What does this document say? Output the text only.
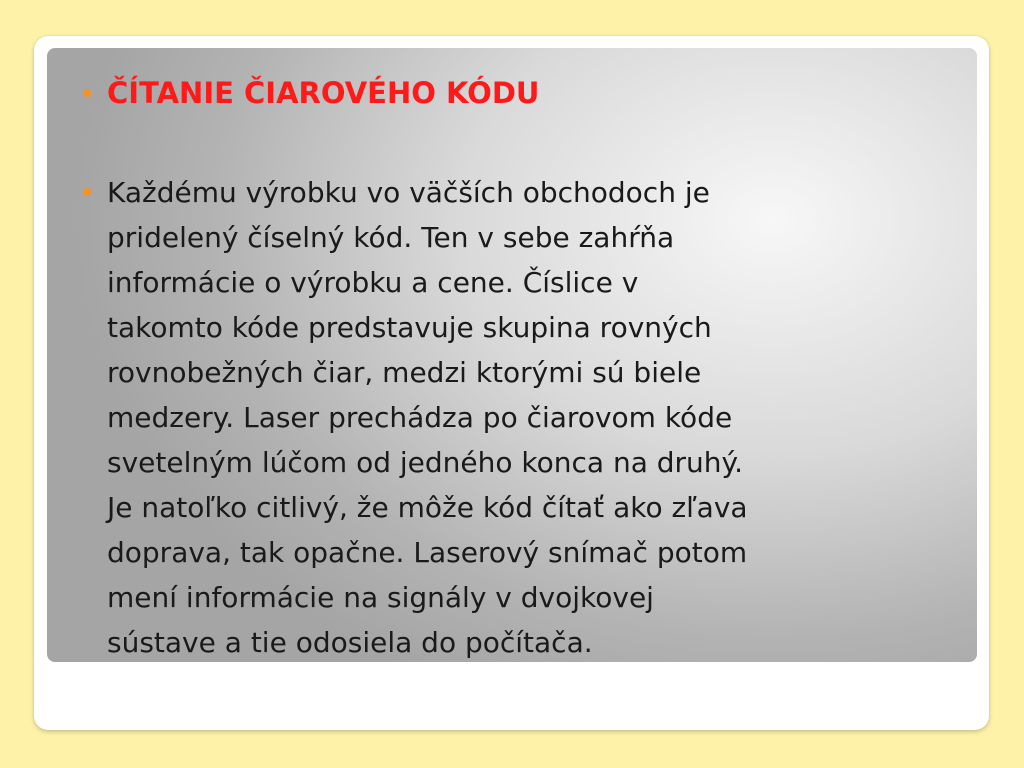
ČÍTANIE ČIAROVÉHO KÓDU

Každému výrobku vo väčších obchodoch je
pridelený číselný kód. Ten v sebe zahŕňa
informácie o výrobku a cene. Číslice v
takomto kóde predstavuje skupina rovných
rovnobežných čiar, medzi ktorými sú biele
medzery. Laser prechádza po čiarovom kóde
svetelným lúčom od jedného konca na druhý.
Je natoľko citlivý, že môže kód čítať ako zľava
doprava, tak opačne. Laserový snímač potom
mení informácie na signály v dvojkovej
sústave a tie odosiela do počítača.
